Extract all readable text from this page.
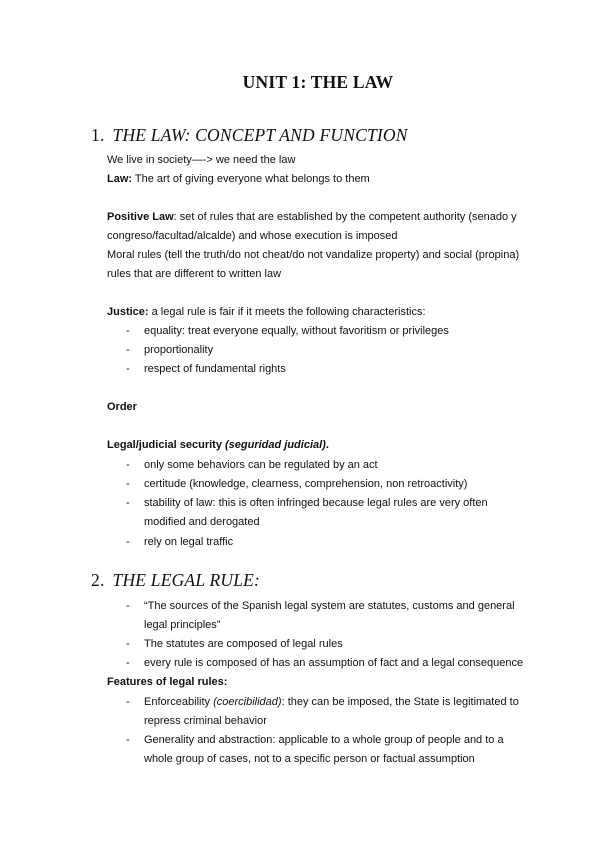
UNIT 1: THE LAW
1. THE LAW: CONCEPT AND FUNCTION

We live in society—-> we need the law

Law: The art of giving everyone what belongs to them

Positive Law: set of rules that are established by the competent authority (senado y

congreso/facultad/alcalde) and whose execution is imposed

Moral rules (tell the truth/do not cheat/do not vandalize property) and social (propina)

rules that are different to written law

Justice: a legal rule is fair if it meets the following characteristics:

- equality: treat everyone equally, without favoritism or privileges

- proportionality

- respect of fundamental rights

Order

Legal/judicial security (seguridad judicial).

- only some behaviors can be regulated by an act

- certitude (knowledge, clearness, comprehension, non retroactivity)

- stability of law: this is often infringed because legal rules are very often

modified and derogated

- rely on legal traffic

2. THE LEGAL RULE:
- “The sources of the Spanish legal system are statutes, customs and general

legal principles”

- The statutes are composed of legal rules

- every rule is composed of has an assumption of fact and a legal consequence

Features of legal rules:

- Enforceability (coercibilidad): they can be imposed, the State is legitimated to

repress criminal behavior

- Generality and abstraction: applicable to a whole group of people and to a

whole group of cases, not to a specific person or factual assumption
